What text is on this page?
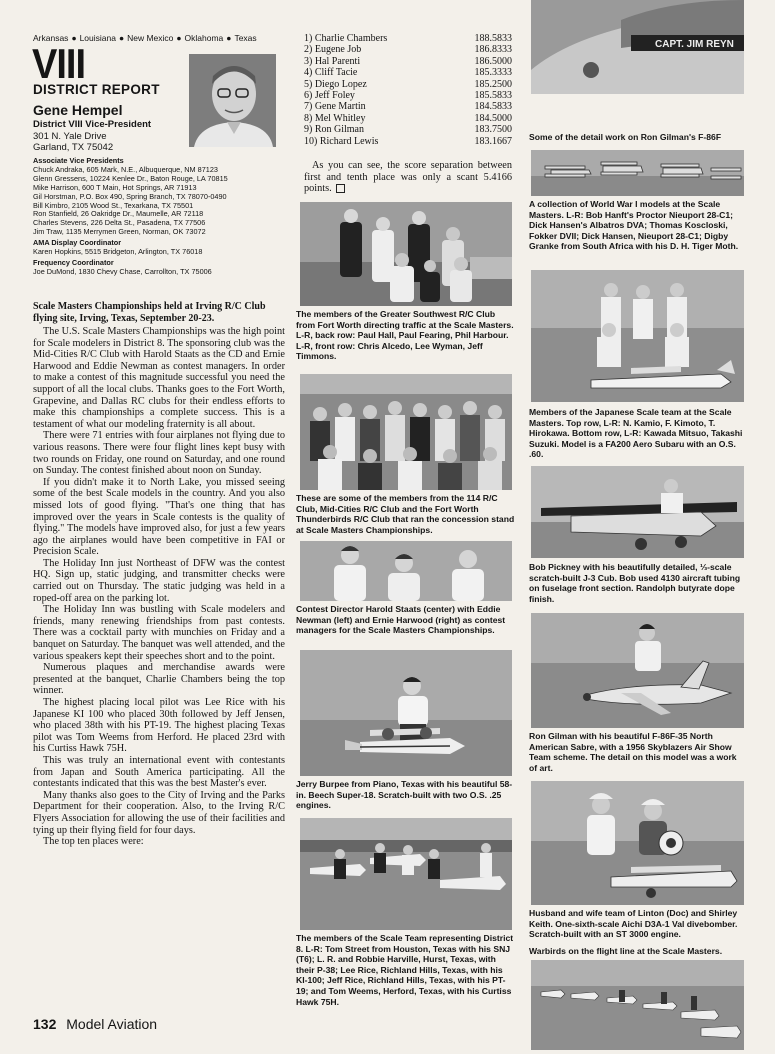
Arkansas ● Louisiana ● New Mexico ● Oklahoma ● Texas
VIII
DISTRICT REPORT
Gene Hempel
District VIII Vice-President
301 N. Yale Drive
Garland, TX 75042
Associate Vice Presidents
Chuck Andraka, 605 Mark, N.E., Albuquerque, NM 87123
Glenn Gressens, 10224 Kenlee Dr., Baton Rouge, LA 70815
Mike Harrison, 600 T Main, Hot Springs, AR 71913
Gil Horstman, P.O. Box 490, Spring Branch, TX 78070-0490
Bill Kimbro, 2105 Wood St., Texarkana, TX 75501
Ron Stanfield, 26 Oakridge Dr., Maumelle, AR 72118
Charles Stevens, 226 Delta St., Pasadena, TX 77506
Jim Traw, 1135 Merrymen Green, Norman, OK 73072
AMA Display Coordinator
Karen Hopkins, 5515 Bridgeton, Arlington, TX 76018
Frequency Coordinator
Joe DuMond, 1830 Chevy Chase, Carrollton, TX 75006
Scale Masters Championships held at Irving R/C Club flying site, Irving, Texas, September 20-23.

The U.S. Scale Masters Championships was the high point for Scale modelers in District 8. The sponsoring club was the Mid-Cities R/C Club with Harold Staats as the CD and Ernie Harwood and Eddie Newman as contest managers. In order to make a contest of this magnitude successful you need the support of all the local clubs. Thanks goes to the Fort Worth, Grapevine, and Dallas RC clubs for their endless efforts to make this championships a complete success. This is a testament of what our modeling fraternity is all about.

There were 71 entries with four airplanes not flying due to various reasons. There were four flight lines kept busy with two rounds on Friday, one round on Saturday, and one round on Sunday. The contest finished about noon on Sunday.

If you didn't make it to North Lake, you missed seeing some of the best Scale models in the country. And you also missed lots of good flying. "That's one thing that has improved over the years in Scale contests is the quality of flying." The models have improved also, for just a few years ago the airplanes would have been competitive in FAI or Precision Scale.

The Holiday Inn just Northeast of DFW was the contest HQ. Sign up, static judging, and transmitter checks were carried out on Thursday. The static judging was held in a roped-off area on the parking lot.

The Holiday Inn was bustling with Scale modelers and friends, many renewing friendships from past contests. There was a cocktail party with munchies on Friday and a banquet on Saturday. The banquet was well attended, and the various speakers kept their speeches short and to the point.

Numerous plaques and merchandise awards were presented at the banquet, Charlie Chambers being the top winner.

The highest placing local pilot was Lee Rice with his Japanese KI 100 who placed 30th followed by Jeff Jensen, who placed 38th with his PT-19. The highest placing Texas pilot was Tom Weems from Herford. He placed 23rd with his Curtiss Hawk 75H.

This was truly an international event with contestants from Japan and South America participating. All the contestants indicated that this was the best Master's ever.

Many thanks also goes to the City of Irving and the Parks Department for their cooperation. Also, to the Irving R/C Flyers Association for allowing the use of their facilities and tying up their flying field for four days.

The top ten places were:

132 Model Aviation
1) Charlie Chambers	188.5833
2) Eugene Job	186.8333
3) Hal Parenti	186.5000
4) Cliff Tacie	185.3333
5) Diego Lopez	185.2500
6) Jeff Foley	185.5833
7) Gene Martin	184.5833
8) Mel Whitley	184.5000
9) Ron Gilman	183.7500
10) Richard Lewis	183.1667
As you can see, the score separation between first and tenth place was only a scant 5.4166 points.
The members of the Greater Southwest R/C Club from Fort Worth directing traffic at the Scale Masters. L-R, back row: Paul Hall, Paul Fearing, Phil Harbour. L-R, front row: Chris Alcedo, Lee Wyman, Jeff Timmons.
These are some of the members from the 114 R/C Club, Mid-Cities R/C Club and the Fort Worth Thunderbirds R/C Club that ran the concession stand at Scale Masters Championships.
Contest Director Harold Staats (center) with Eddie Newman (left) and Ernie Harwood (right) as contest managers for the Scale Masters Championships.
Jerry Burpee from Piano, Texas with his beautiful 58-in. Beech Super-18. Scratch-built with two O.S. .25 engines.
The members of the Scale Team representing District 8. L-R: Tom Street from Houston, Texas with his SNJ (T6); L. R. and Robbie Harville, Hurst, Texas, with their P-38; Lee Rice, Richland Hills, Texas, with his KI-100; Jeff Rice, Richland Hills, Texas, with his PT-19; and Tom Weems, Herford, Texas, with his Curtiss Hawk 75H.
CAPT. JIM REYN
Some of the detail work on Ron Gilman's F-86F
A collection of World War I models at the Scale Masters. L-R: Bob Hanft's Proctor Nieuport 28-C1; Dick Hansen's Albatros DVA; Thomas Koscloski, Fokker DVII; Dick Hansen, Nieuport 28-C1; Digby Granke from South Africa with his D. H. Tiger Moth.
Members of the Japanese Scale team at the Scale Masters. Top row, L-R: N. Kamio, F. Kimoto, T. Hirokawa. Bottom row, L-R: Kawada Mitsuo, Takashi Suzuki. Model is a FA200 Aero Subaru with an O.S. .60.
Bob Pickney with his beautifully detailed, ⅓-scale scratch-built J-3 Cub. Bob used 4130 aircraft tubing on fuselage front section. Randolph butyrate dope finish.
Ron Gilman with his beautiful F-86F-35 North American Sabre, with a 1956 Skyblazers Air Show Team scheme. The detail on this model was a work of art.
Husband and wife team of Linton (Doc) and Shirley Keith. One-sixth-scale Aichi D3A-1 Val divebomber. Scratch-built with an ST 3000 engine.
Warbirds on the flight line at the Scale Masters.
